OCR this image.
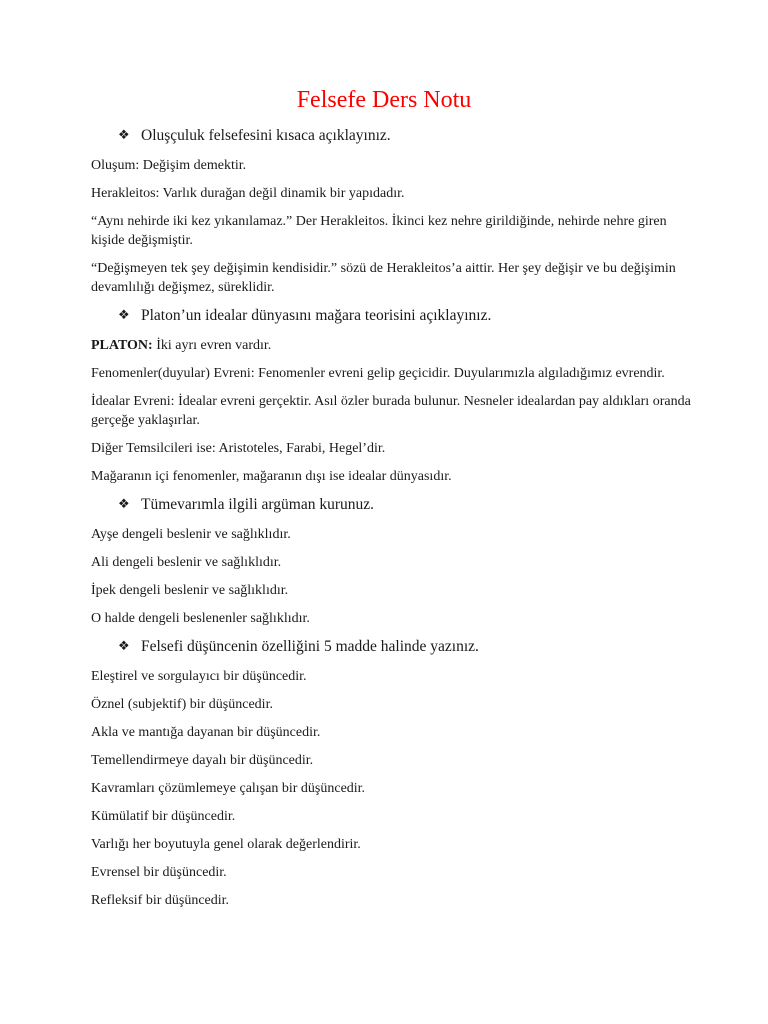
Felsefe Ders Notu
❖ Oluşçuluk felsefesini kısaca açıklayınız.
Oluşum: Değişim demektir.
Herakleitos: Varlık durağan değil dinamik bir yapıdadır.
“Aynı nehirde iki kez yıkanılamaz.” Der Herakleitos. İkinci kez nehre girildiğinde, nehirde nehre giren kişide değişmiştir.
“Değişmeyen tek şey değişimin kendisidir.” sözü de Herakleitos’a aittir. Her şey değişir ve bu değişimin devamlılığı değişmez, süreklidir.
❖ Platon’un idealar dünyasını mağara teorisini açıklayınız.
PLATON: İki ayrı evren vardır.
Fenomenler(duyular) Evreni: Fenomenler evreni gelip geçicidir. Duyularımızla algıladığımız evrendir.
İdealar Evreni: İdealar evreni gerçektir. Asıl özler burada bulunur. Nesneler idealardan pay aldıkları oranda gerçeğe yaklaşırlar.
Diğer Temsilcileri ise: Aristoteles, Farabi, Hegel’dir.
Mağaranın içi fenomenler, mağaranın dışı ise idealar dünyasıdır.
❖ Tümevarımla ilgili argüman kurunuz.
Ayşe dengeli beslenir ve sağlıklıdır.
Ali dengeli beslenir ve sağlıklıdır.
İpek dengeli beslenir ve sağlıklıdır.
O halde dengeli beslenenler sağlıklıdır.
❖ Felsefi düşüncenin özelliğini 5 madde halinde yazınız.
Eleştirel ve sorgulayıcı bir düşüncedir.
Öznel (subjektif) bir düşüncedir.
Akla ve mantığa dayanan bir düşüncedir.
Temellendirmeye dayalı bir düşüncedir.
Kavramları çözümlemeye çalışan bir düşüncedir.
Kümülatif bir düşüncedir.
Varlığı her boyutuyla genel olarak değerlendirir.
Evrensel bir düşüncedir.
Refleksif bir düşüncedir.
